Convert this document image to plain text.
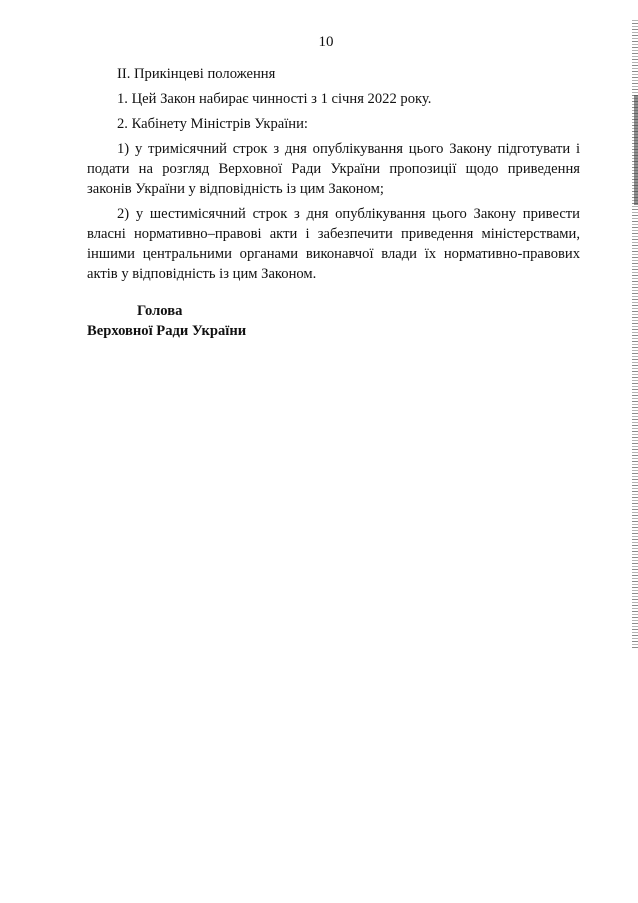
10

II. Прикінцеві положення

1. Цей Закон набирає чинності з 1 січня 2022 року.

2. Кабінету Міністрів України:

1) у тримісячний строк з дня опублікування цього Закону підготувати і подати на розгляд Верховної Ради України пропозиції щодо приведення законів України у відповідність із цим Законом;

2) у шестимісячний строк з дня опублікування цього Закону привести власні нормативно–правові акти і забезпечити приведення міністерствами, іншими центральними органами виконавчої влади їх нормативно-правових актів у відповідність із цим Законом.

Голова
Верховної Ради України
